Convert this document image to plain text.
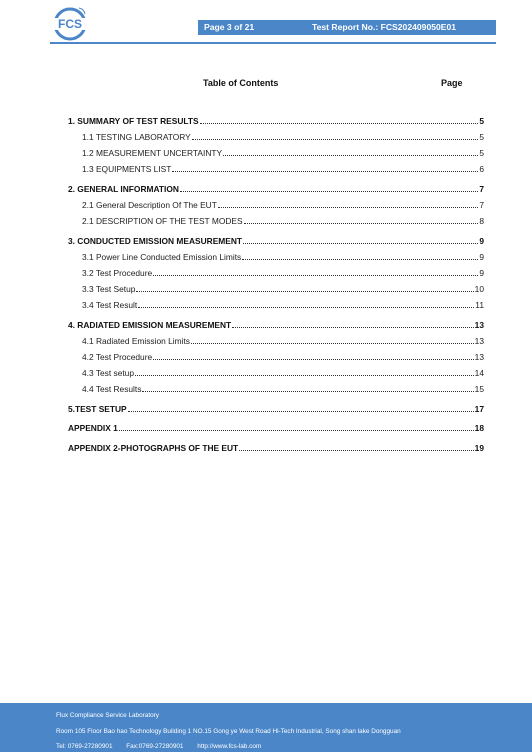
FCS	Page 3 of 21	Test Report No.: FCS202409050E01
Table of Contents	Page
1. SUMMARY OF TEST RESULTS	5
1.1 TESTING LABORATORY	5
1.2 MEASUREMENT UNCERTAINTY	5
1.3 EQUIPMENTS LIST	6
2. GENERAL INFORMATION	7
2.1 General Description Of The EUT	7
2.1 DESCRIPTION OF THE TEST MODES	8
3. CONDUCTED EMISSION MEASUREMENT	9
3.1 Power Line Conducted Emission Limits	9
3.2 Test Procedure	9
3.3 Test Setup	10
3.4 Test Result	11
4. RADIATED EMISSION MEASUREMENT	13
4.1 Radiated Emission Limits	13
4.2 Test Procedure	13
4.3 Test setup	14
4.4 Test Results	15
5.TEST SETUP	17
APPENDIX 1	18
APPENDIX 2-PHOTOGRAPHS OF THE EUT	19
Flux Compliance Service Laboratory
Room 105 Floor Bao hao Technology Building 1 NO.15 Gong ye West Road Hi-Tech Industrial, Song shan lake Dongguan
Tel: 0769-27280901 Fax:0769-27280901 http://www.fcs-lab.com
